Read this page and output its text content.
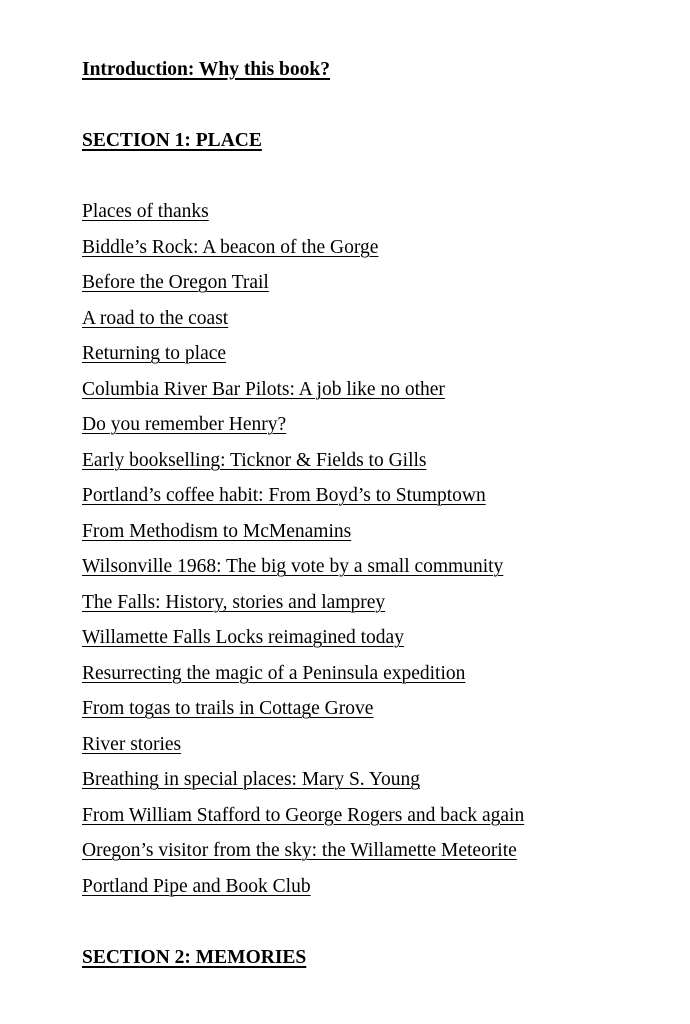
Introduction: Why this book?
SECTION 1: PLACE
Places of thanks
Biddle’s Rock: A beacon of the Gorge
Before the Oregon Trail
A road to the coast
Returning to place
Columbia River Bar Pilots: A job like no other
Do you remember Henry?
Early bookselling: Ticknor & Fields to Gills
Portland’s coffee habit: From Boyd’s to Stumptown
From Methodism to McMenamins
Wilsonville 1968: The big vote by a small community
The Falls: History, stories and lamprey
Willamette Falls Locks reimagined today
Resurrecting the magic of a Peninsula expedition
From togas to trails in Cottage Grove
River stories
Breathing in special places: Mary S. Young
From William Stafford to George Rogers and back again
Oregon’s visitor from the sky: the Willamette Meteorite
Portland Pipe and Book Club
SECTION 2: MEMORIES
